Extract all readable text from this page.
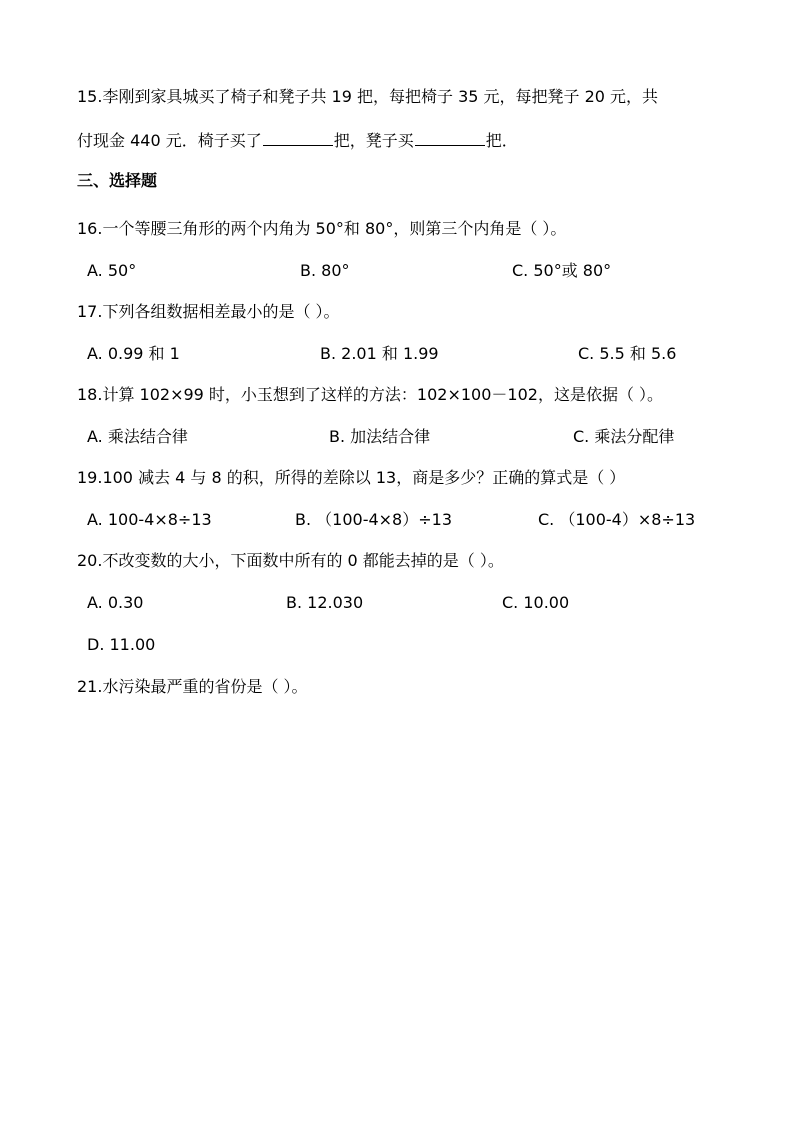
15.李刚到家具城买了椅子和凳子共 19 把，每把椅子 35 元，每把凳子 20 元，共
付现金 440 元．椅子买了	把，凳子买	把．
三、选择题
16.一个等腰三角形的两个内角为 50°和 80°，则第三个内角是（ ）。
A. 50°	B. 80°	C. 50°或 80°
17.下列各组数据相差最小的是（ ）。
A. 0.99 和 1	B. 2.01 和 1.99	C. 5.5 和 5.6
18.计算 102×99 时，小玉想到了这样的方法：102×100－102，这是依据（ ）。
A. 乘法结合律	B. 加法结合律	C. 乘法分配律
19.100 减去 4 与 8 的积，所得的差除以 13，商是多少？正确的算式是（ ）
A. 100-4×8÷13	B. （100-4×8）÷13	C. （100-4）×8÷13
20.不改变数的大小，下面数中所有的 0 都能去掉的是（ ）。
A. 0.30	B. 12.030	C. 10.00
D. 11.00
21.水污染最严重的省份是（ ）。
